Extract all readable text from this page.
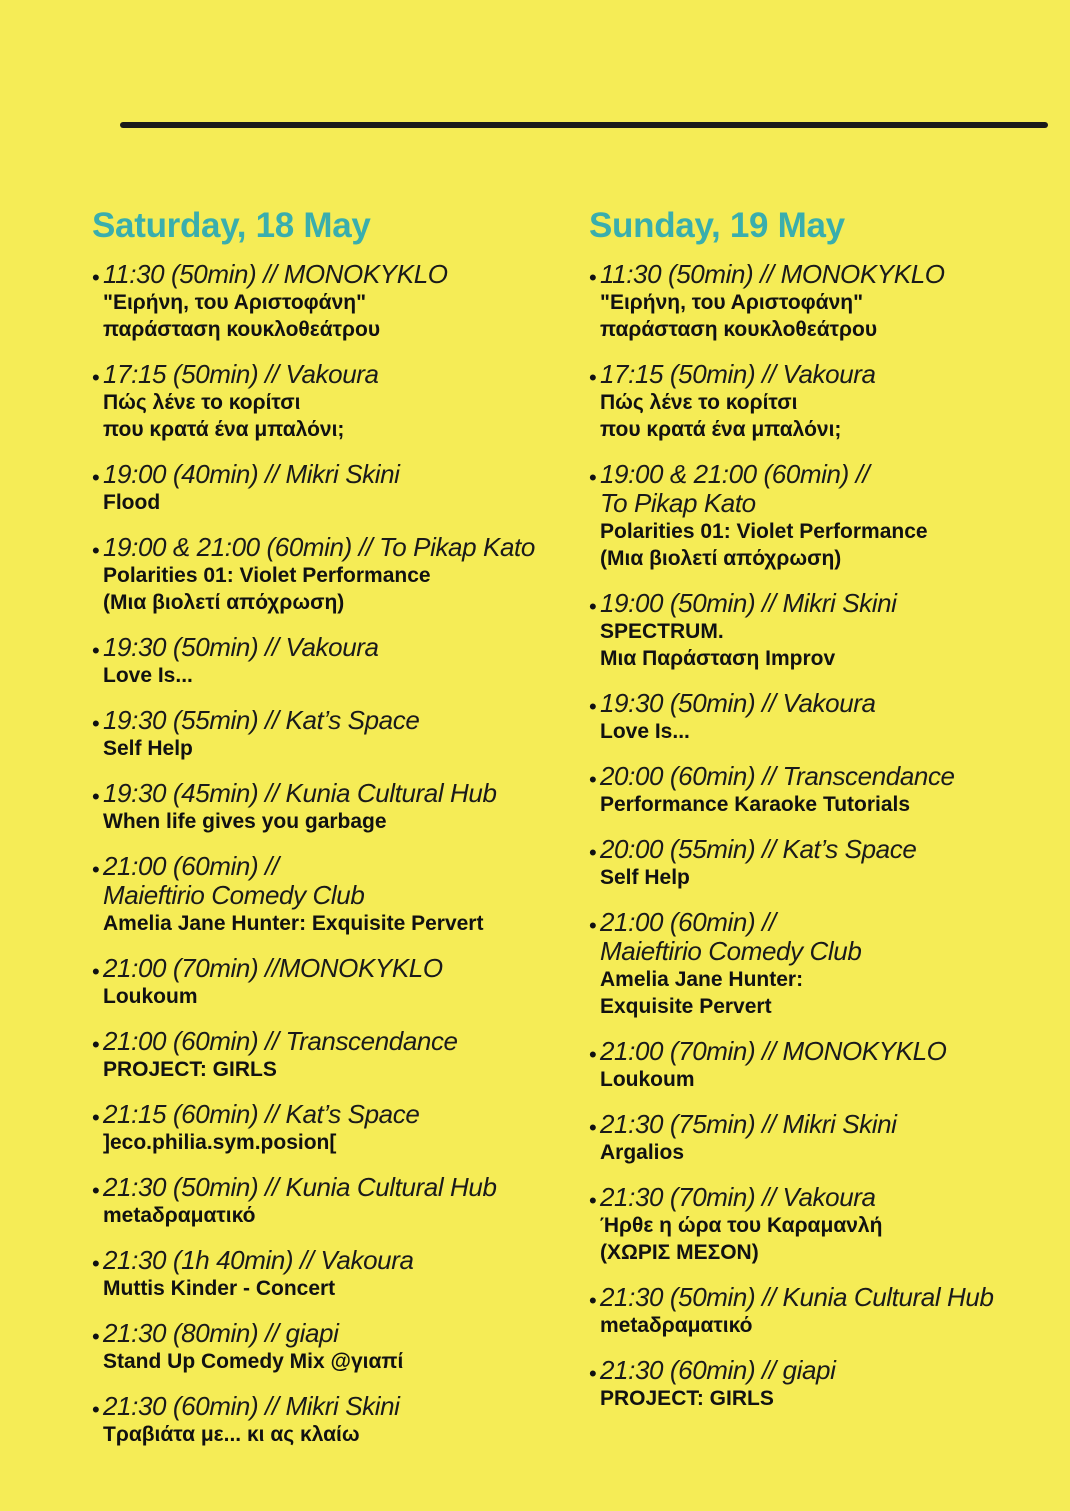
Saturday, 18 May
• 11:30 (50min) // MONOKYKLO
"Ειρήνη, του Αριστοφάνη"
παράσταση κουκλοθεάτρου
• 17:15 (50min) // Vakoura
Πώς λένε το κορίτσι
που κρατά ένα μπαλόνι;
• 19:00 (40min) // Mikri Skini
Flood
• 19:00 & 21:00 (60min) // To Pikap Kato
Polarities 01: Violet Performance
(Μια βιολετί απόχρωση)
• 19:30 (50min) // Vakoura
Love Is...
• 19:30 (55min) // Kat’s Space
Self Help
• 19:30 (45min) // Kunia Cultural Hub
When life gives you garbage
• 21:00 (60min) //
Maieftirio Comedy Club
Amelia Jane Hunter: Exquisite Pervert
• 21:00 (70min) //MONOKYKLO
Loukoum
• 21:00 (60min) // Transcendance
PROJECT: GIRLS
• 21:15 (60min) // Kat’s Space
]eco.philia.sym.posion[
• 21:30 (50min) // Kunia Cultural Hub
metaδραματικό
• 21:30 (1h 40min) // Vakoura
Muttis Kinder - Concert
• 21:30 (80min) // giapi
Stand Up Comedy Mix @γιαπί
• 21:30 (60min) // Mikri Skini
Τραβιάτα με... κι ας κλαίω
Sunday, 19 May
• 11:30 (50min) // MONOKYKLO
"Ειρήνη, του Αριστοφάνη"
παράσταση κουκλοθεάτρου
• 17:15 (50min) // Vakoura
Πώς λένε το κορίτσι
που κρατά ένα μπαλόνι;
• 19:00 & 21:00 (60min) //
To Pikap Kato
Polarities 01: Violet Performance
(Μια βιολετί απόχρωση)
• 19:00 (50min) // Mikri Skini
SPECTRUM.
Μια Παράσταση Improv
• 19:30 (50min) // Vakoura
Love Is...
• 20:00 (60min) // Transcendance
Performance Karaoke Tutorials
• 20:00 (55min) // Kat’s Space
Self Help
• 21:00 (60min) //
Maieftirio Comedy Club
Amelia Jane Hunter:
Exquisite Pervert
• 21:00 (70min) // MONOKYKLO
Loukoum
• 21:30 (75min) // Mikri Skini
Argalios
• 21:30 (70min) // Vakoura
Ήρθε η ώρα του Καραμανλή
(ΧΩΡΙΣ ΜΕΣΟΝ)
• 21:30 (50min) // Kunia Cultural Hub
metaδραματικό
• 21:30 (60min) // giapi
PROJECT: GIRLS
